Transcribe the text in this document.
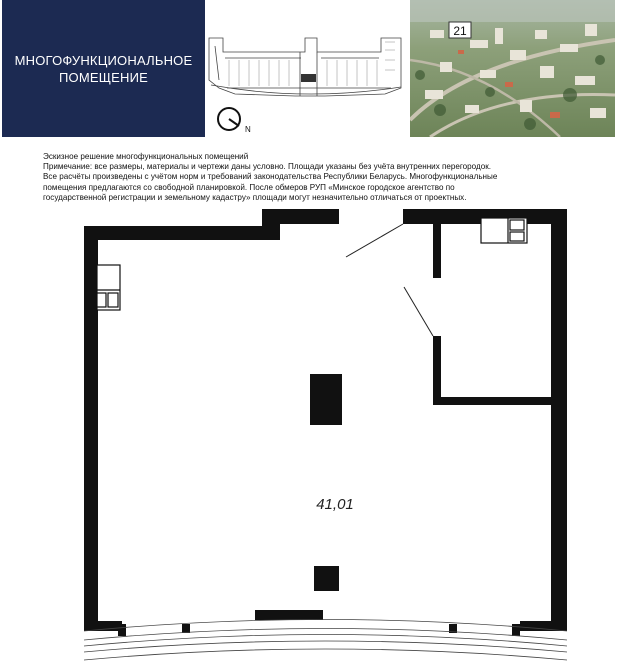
МНОГОФУНКЦИОНАЛЬНОЕ
ПОМЕЩЕНИЕ
N
21
Эскизное решение многофункциональных помещений
Примечание: все размеры, материалы и чертежи даны условно. Площади указаны без учёта внутренних перегородок.
Все расчёты произведены с учётом норм и требований законодательства Республики Беларусь. Многофункциональные
помещения предлагаются со свободной планировкой. После обмеров РУП «Минское городское агентство по
государственной регистрации и земельному кадастру» площади могут незначительно отличаться от проектных.
41,01
